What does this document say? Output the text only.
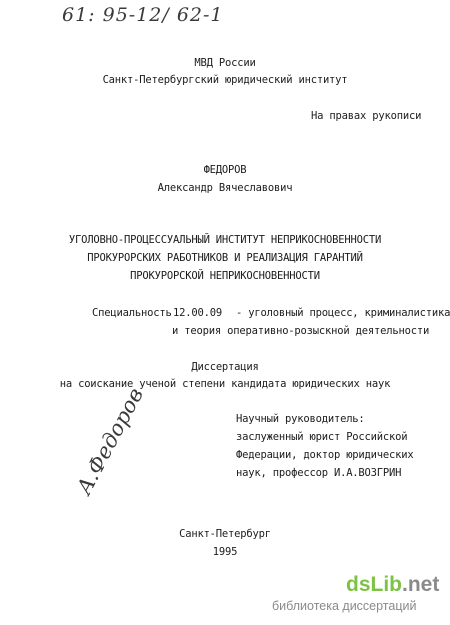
61: 95-12/ 62-1
МВД России
Санкт-Петербургский юридический институт
На правах рукописи
ФЕДОРОВ
Александр Вячеславович
УГОЛОВНО-ПРОЦЕССУАЛЬНЫЙ ИНСТИТУТ НЕПРИКОСНОВЕННОСТИ
ПРОКУРОРСКИХ РАБОТНИКОВ И РЕАЛИЗАЦИЯ ГАРАНТИЙ
ПРОКУРОРСКОЙ НЕПРИКОСНОВЕННОСТИ
Специальность 12.00.09 - уголовный процесс, криминалистика
и теория оперативно-розыскной деятельности
Диссертация
на соискание ученой степени кандидата юридических наук
Научный руководитель:
заслуженный юрист Российской
Федерации, доктор юридических
наук, профессор И.А.ВОЗГРИН
А.Федоров
Санкт-Петербург
1995
dsLib.net
библиотека диссертаций
